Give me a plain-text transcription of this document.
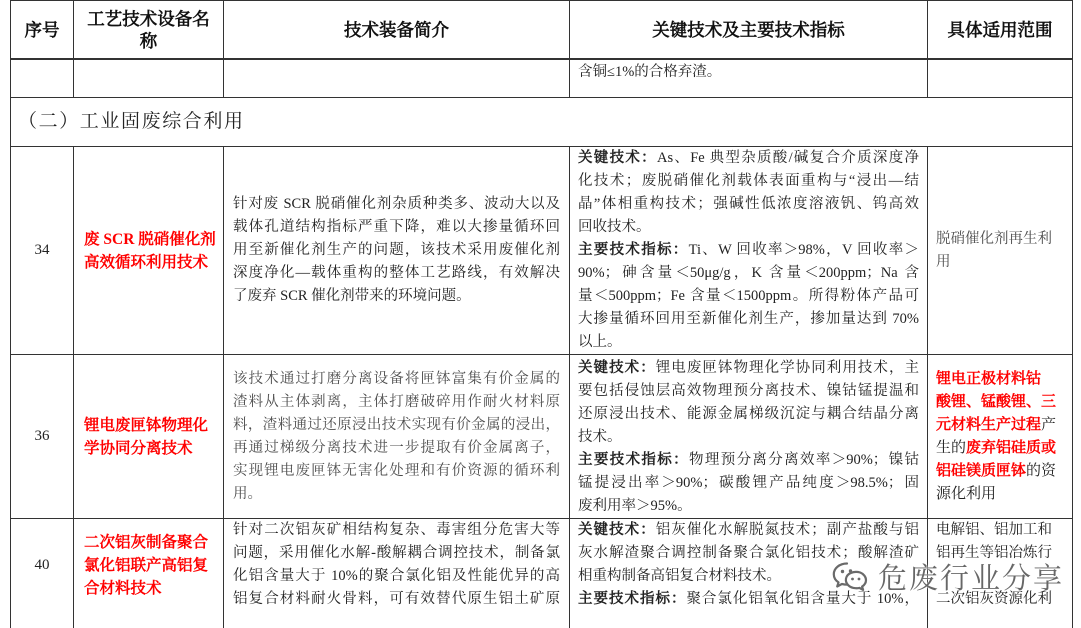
序号
工艺技术设备名称
技术装备简介	关键技术及主要技术指标	具体适用范围
含铜≤1%的合格弃渣。
（二）工业固废综合利用
34
废 SCR 脱硝催化剂
高效循环利用技术
针对废 SCR 脱硝催化剂杂质种类多、波动大以及
载体孔道结构指标严重下降，难以大掺量循环回
用至新催化剂生产的问题，该技术采用废催化剂
深度净化—载体重构的整体工艺路线，有效解决
了废弃 SCR 催化剂带来的环境问题。
关键技术：As、Fe 典型杂质酸/碱复合介质深度净
化技术；废脱硝催化剂载体表面重构与“浸出—结
晶”体相重构技术；强碱性低浓度溶液钒、钨高效
回收技术。
主要技术指标：Ti、W 回收率＞98%，V 回收率＞
90%；砷含量＜50μg/g，K 含量＜200ppm；Na 含
量＜500ppm；Fe 含量＜1500ppm。所得粉体产品可
大掺量循环回用至新催化剂生产，掺加量达到 70%
以上。
脱硝催化剂再生利
用
36
锂电废匣钵物理化
学协同分离技术
该技术通过打磨分离设备将匣钵富集有价金属的
渣料从主体剥离，主体打磨破碎用作耐火材料原
料，渣料通过还原浸出技术实现有价金属的浸出，
再通过梯级分离技术进一步提取有价金属离子，
实现锂电废匣钵无害化处理和有价资源的循环利
用。
关键技术：锂电废匣钵物理化学协同利用技术，主
要包括侵蚀层高效物理预分离技术、镍钴锰提温和
还原浸出技术、能源金属梯级沉淀与耦合结晶分离
技术。
主要技术指标：物理预分离分离效率＞90%；镍钴
锰提浸出率＞90%；碳酸锂产品纯度＞98.5%；固
废利用率＞95%。
锂电正极材料钴
酸锂、锰酸锂、三
元材料生产过程产
生的废弃铝硅质或
铝硅镁质匣钵的资
源化利用
40
二次铝灰制备聚合
氯化铝联产高铝复
合材料技术
针对二次铝灰矿相结构复杂、毒害组分危害大等
问题，采用催化水解-酸解耦合调控技术，制备氯
化铝含量大于 10%的聚合氯化铝及性能优异的高
铝复合材料耐火骨料，可有效替代原生铝土矿原
关键技术：铝灰催化水解脱氮技术；副产盐酸与铝
灰水解渣聚合调控制备聚合氯化铝技术；酸解渣矿
相重构制备高铝复合材料技术。
主要技术指标：聚合氯化铝氧化铝含量大于 10%，
电解铝、铝加工和
铝再生等铝冶炼行
二次铝灰资源化利
危废行业分享
